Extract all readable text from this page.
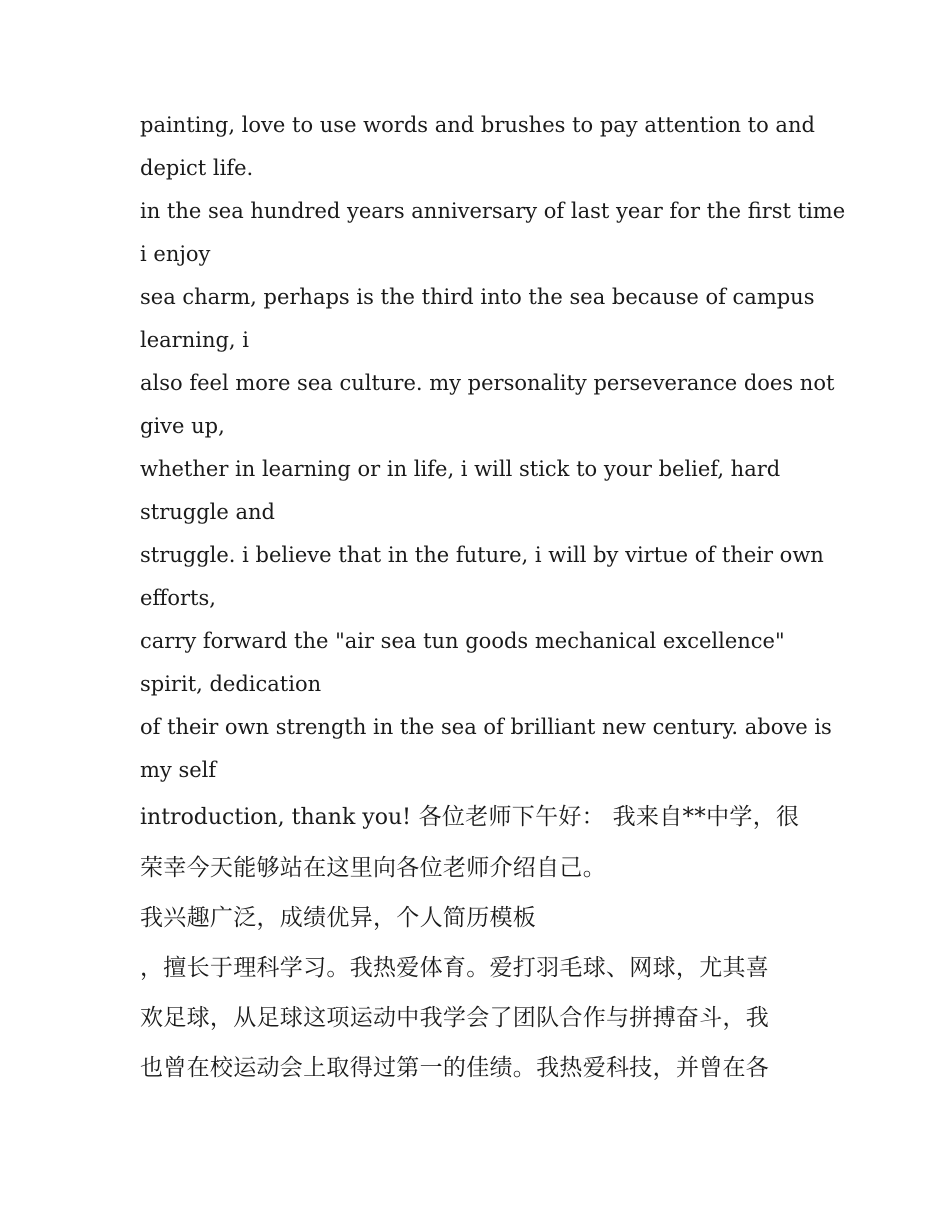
painting, love to use words and brushes to pay attention to and

depict life.

in the sea hundred years anniversary of last year for the first time

i enjoy

sea charm, perhaps is the third into the sea because of campus

learning, i

also feel more sea culture. my personality perseverance does not

give up,

whether in learning or in life, i will stick to your belief, hard

struggle and

struggle. i believe that in the future, i will by virtue of their own

efforts,

carry forward the "air sea tun goods mechanical excellence"

spirit, dedication

of their own strength in the sea of brilliant new century. above is

my self

introduction, thank you! 各位老师下午好： 我来自**中学，很

荣幸今天能够站在这里向各位老师介绍自己。

我兴趣广泛，成绩优异，个人简历模板

，擅长于理科学习。我热爱体育。爱打羽毛球、网球，尤其喜

欢足球，从足球这项运动中我学会了团队合作与拼搏奋斗，我

也曾在校运动会上取得过第一的佳绩。我热爱科技，并曾在各
